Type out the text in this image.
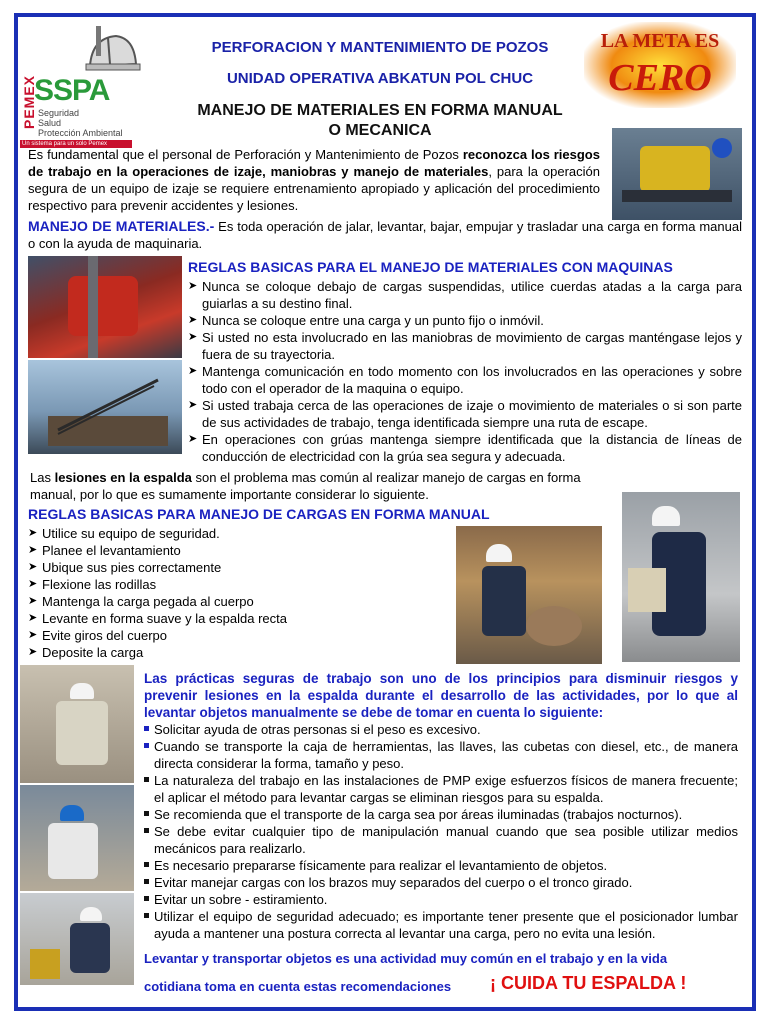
PEMEX
SSPA
Seguridad
Salud
Protección Ambiental
Un sistema para un solo Pemex
PERFORACION Y MANTENIMIENTO DE POZOS
UNIDAD OPERATIVA ABKATUN POL CHUC
MANEJO DE MATERIALES EN FORMA MANUAL
O MECANICA
LA META ES
CERO
Es fundamental que el personal de Perforación y Mantenimiento de Pozos reconozca los riesgos de trabajo en la operaciones de izaje, maniobras y manejo de materiales, para la operación segura de un equipo de izaje se requiere entrenamiento apropiado y aplicación del procedimiento respectivo para prevenir accidentes y lesiones.
MANEJO DE MATERIALES.- Es toda operación de jalar, levantar, bajar, empujar y trasladar una carga en forma manual o con la ayuda de maquinaria.
REGLAS BASICAS PARA EL MANEJO DE MATERIALES CON MAQUINAS
➤ Nunca se coloque debajo de cargas suspendidas, utilice cuerdas atadas a la carga para guiarlas a su destino final.
➤ Nunca se coloque entre una carga y un punto fijo o inmóvil.
➤ Si usted no esta involucrado en las maniobras de movimiento de cargas manténgase lejos y fuera de su trayectoria.
➤ Mantenga comunicación en todo momento con los involucrados en las operaciones y sobre todo con el operador de la maquina o equipo.
➤ Si usted trabaja cerca de las operaciones de izaje o movimiento de materiales o si son parte de sus actividades de trabajo, tenga identificada siempre una ruta de escape.
➤ En operaciones con grúas mantenga siempre identificada que la distancia de líneas de conducción de electricidad con la grúa sea segura y adecuada.
Las lesiones en la espalda son el problema mas común al realizar manejo de cargas en forma manual, por lo que es sumamente importante considerar lo siguiente.
REGLAS BASICAS PARA MANEJO DE CARGAS EN FORMA MANUAL
➤ Utilice su equipo de seguridad.
➤ Planee el levantamiento
➤ Ubique sus pies correctamente
➤ Flexione las rodillas
➤ Mantenga la carga pegada al cuerpo
➤ Levante en forma suave y la espalda recta
➤ Evite giros del cuerpo
➤ Deposite la carga
Las prácticas seguras de trabajo son uno de los principios para disminuir riesgos y prevenir lesiones en la espalda durante el desarrollo de las actividades, por lo que al levantar objetos manualmente se debe de tomar en cuenta lo siguiente:
Solicitar ayuda de otras personas si el peso es excesivo.
Cuando se transporte la caja de herramientas, las llaves, las cubetas con diesel, etc., de manera directa considerar la forma, tamaño y peso.
La naturaleza del trabajo en las instalaciones de PMP exige esfuerzos físicos de manera frecuente; el aplicar el método para levantar cargas se eliminan riesgos para su espalda.
Se recomienda que el transporte de la carga sea por áreas iluminadas (trabajos nocturnos).
Se debe evitar cualquier tipo de manipulación manual cuando que sea posible utilizar medios mecánicos para realizarlo.
Es necesario prepararse físicamente para realizar el levantamiento de objetos.
Evitar manejar cargas con los brazos muy separados del cuerpo o el tronco girado.
Evitar un sobre - estiramiento.
Utilizar el equipo de seguridad adecuado; es importante tener presente que el posicionador lumbar ayuda a mantener una postura correcta al levantar una carga, pero no evita una lesión.
Levantar y transportar objetos es una actividad muy común en el trabajo y en la vida
cotidiana toma en cuenta estas recomendaciones ¡ CUIDA TU ESPALDA !
